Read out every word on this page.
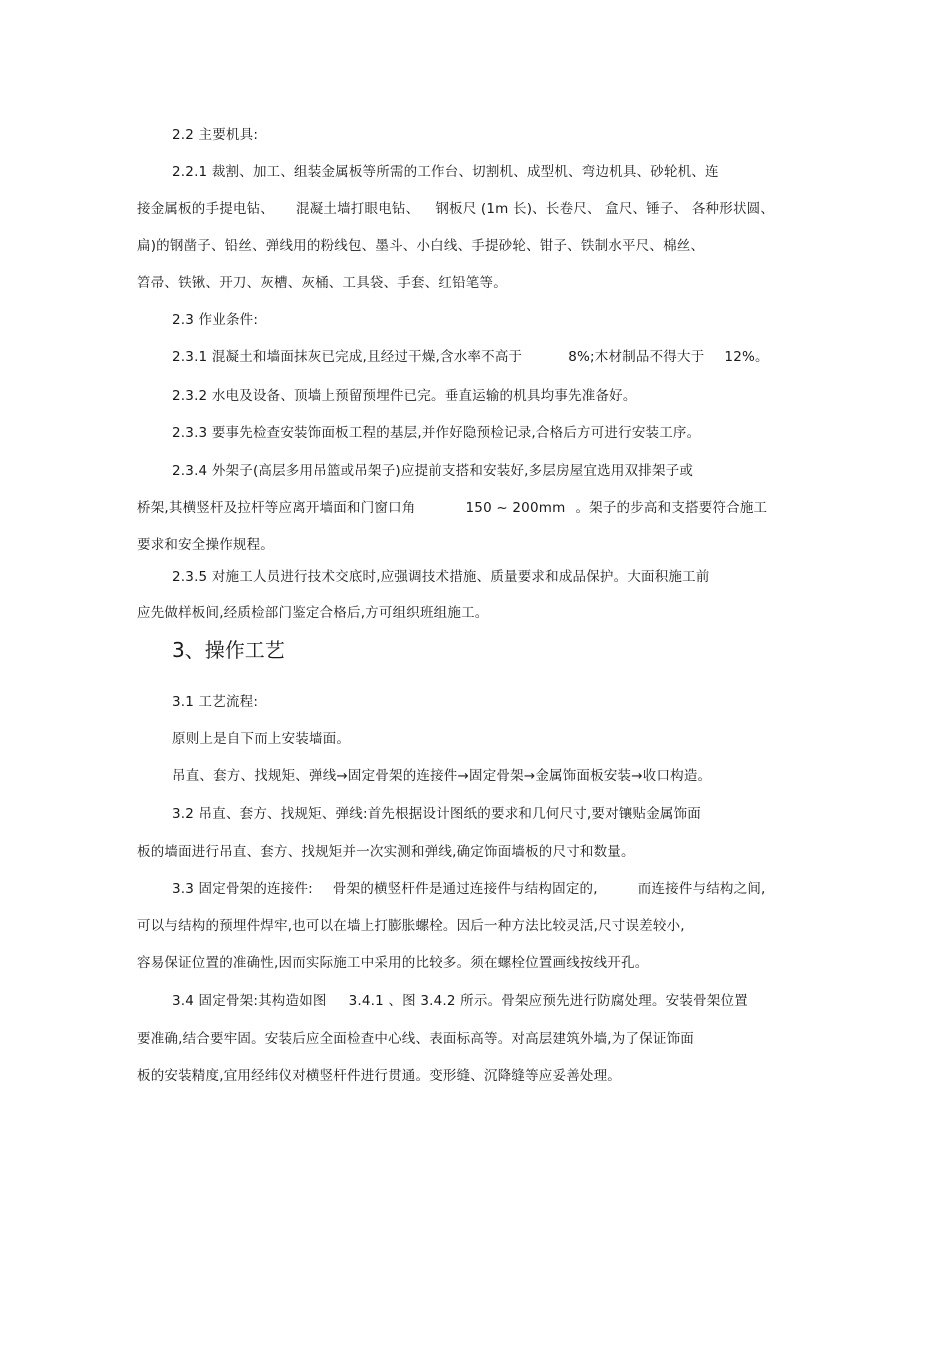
2.2 主要机具:
2.2.1 裁割、加工、组装金属板等所需的工作台、切割机、成型机、弯边机具、砂轮机、连
接金属板的手提电钻、 混凝土墙打眼电钻、 钢板尺 (1m 长)、长卷尺、 盒尺、锤子、 各种形状圆、
扁)的钢凿子、铅丝、弹线用的粉线包、墨斗、小白线、手提砂轮、钳子、铁制水平尺、棉丝、
笤帚、铁锹、开刀、灰槽、灰桶、工具袋、手套、红铅笔等。
2.3 作业条件:
2.3.1 混凝土和墙面抹灰已完成,且经过干燥,含水率不高于	8%;木材制品不得大于 12%。
2.3.2 水电及设备、顶墙上预留预埋件已完。垂直运输的机具均事先准备好。
2.3.3 要事先检查安装饰面板工程的基层,并作好隐预检记录,合格后方可进行安装工序。
2.3.4 外架子(高层多用吊篮或吊架子)应提前支搭和安装好,多层房屋宜选用双排架子或
桥架,其横竖杆及拉杆等应离开墙面和门窗口角	150 ~ 200mm 。架子的步高和支搭要符合施工
要求和安全操作规程。
2.3.5 对施工人员进行技术交底时,应强调技术措施、质量要求和成品保护。大面积施工前
应先做样板间,经质检部门鉴定合格后,方可组织班组施工。
3、操作工艺
3.1 工艺流程:
原则上是自下而上安装墙面。
吊直、套方、找规矩、弹线→固定骨架的连接件→固定骨架→金属饰面板安装→收口构造。
3.2 吊直、套方、找规矩、弹线:首先根据设计图纸的要求和几何尺寸,要对镶贴金属饰面
板的墙面进行吊直、套方、找规矩并一次实测和弹线,确定饰面墙板的尺寸和数量。
3.3 固定骨架的连接件: 骨架的横竖杆件是通过连接件与结构固定的,	而连接件与结构之间,
可以与结构的预埋件焊牢,也可以在墙上打膨胀螺栓。因后一种方法比较灵活,尺寸误差较小,
容易保证位置的准确性,因而实际施工中采用的比较多。须在螺栓位置画线按线开孔。
3.4 固定骨架:其构造如图 3.4.1 、图 3.4.2 所示。骨架应预先进行防腐处理。安装骨架位置
要准确,结合要牢固。安装后应全面检查中心线、表面标高等。对高层建筑外墙,为了保证饰面
板的安装精度,宜用经纬仪对横竖杆件进行贯通。变形缝、沉降缝等应妥善处理。
